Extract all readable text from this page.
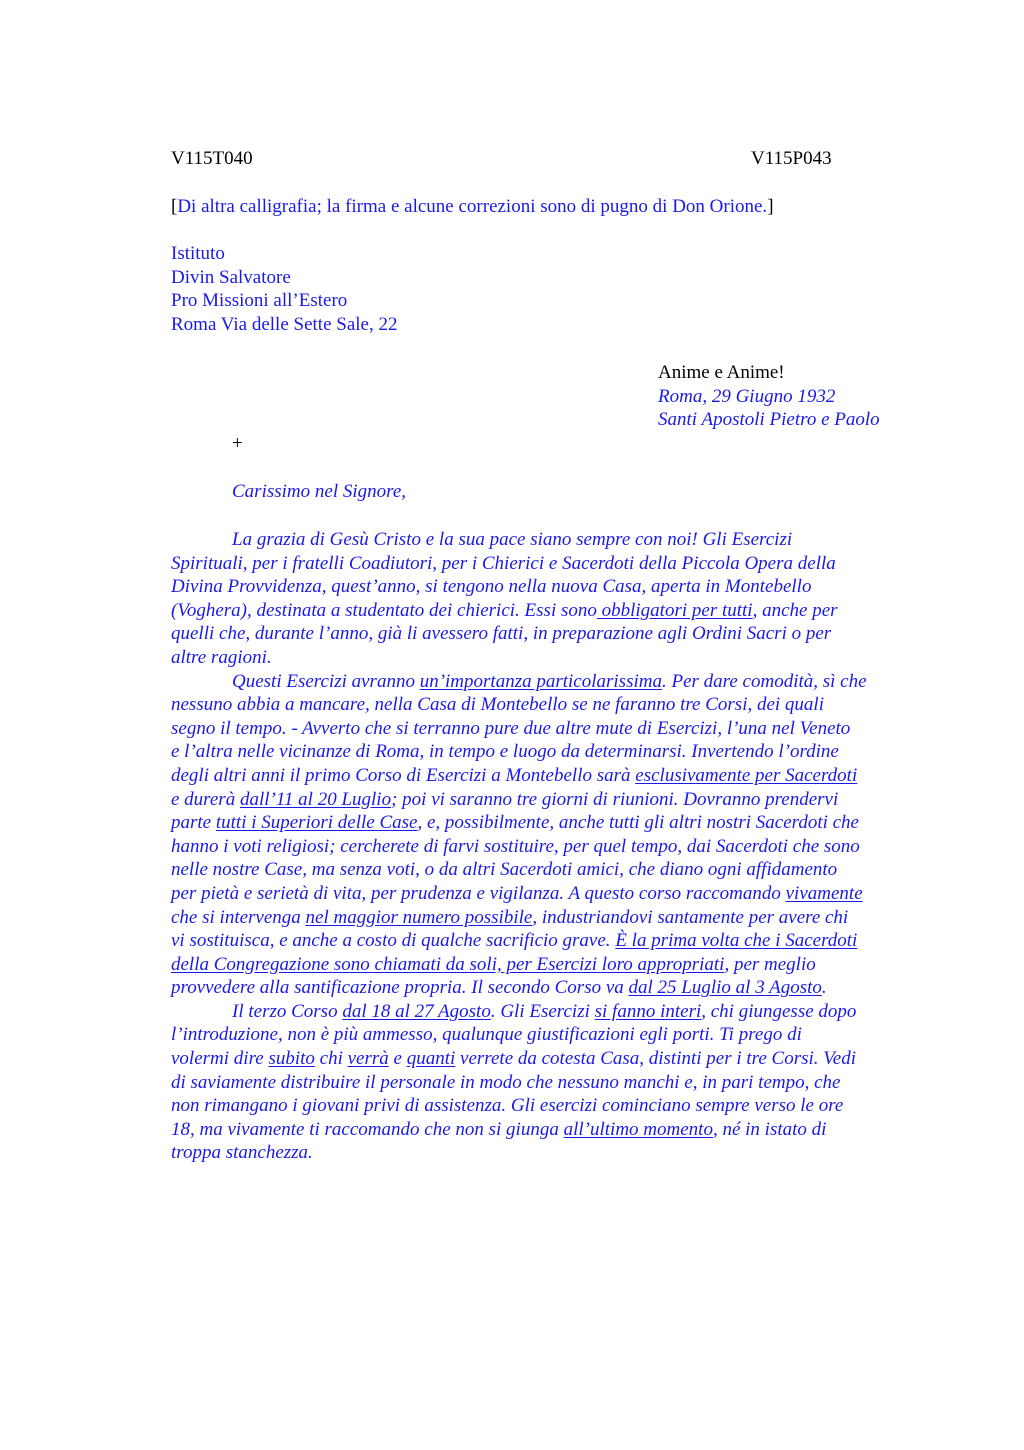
V115T040	V115P043
[Di altra calligrafia; la firma e alcune correzioni sono di pugno di Don Orione.]
Istituto
Divin Salvatore
Pro Missioni all’Estero
Roma Via delle Sette Sale, 22
Anime e Anime!
Roma, 29 Giugno 1932
Santi Apostoli Pietro e Paolo
+
Carissimo nel Signore,
La grazia di Gesù Cristo e la sua pace siano sempre con noi! Gli Esercizi
Spirituali, per i fratelli Coadiutori, per i Chierici e Sacerdoti della Piccola Opera della
Divina Provvidenza, quest’anno, si tengono nella nuova Casa, aperta in Montebello
(Voghera), destinata a studentato dei chierici. Essi sono obbligatori per tutti, anche per
quelli che, durante l’anno, già li avessero fatti, in preparazione agli Ordini Sacri o per
altre ragioni.
Questi Esercizi avranno un’importanza particolarissima. Per dare comodità, sì che
nessuno abbia a mancare, nella Casa di Montebello se ne faranno tre Corsi, dei quali
segno il tempo. - Avverto che si terranno pure due altre mute di Esercizi, l’una nel Veneto
e l’altra nelle vicinanze di Roma, in tempo e luogo da determinarsi. Invertendo l’ordine
degli altri anni il primo Corso di Esercizi a Montebello sarà esclusivamente per Sacerdoti
e durerà dall’11 al 20 Luglio; poi vi saranno tre giorni di riunioni. Dovranno prendervi
parte tutti i Superiori delle Case, e, possibilmente, anche tutti gli altri nostri Sacerdoti che
hanno i voti religiosi; cercherete di farvi sostituire, per quel tempo, dai Sacerdoti che sono
nelle nostre Case, ma senza voti, o da altri Sacerdoti amici, che diano ogni affidamento
per pietà e serietà di vita, per prudenza e vigilanza. A questo corso raccomando vivamente
che si intervenga nel maggior numero possibile, industriandovi santamente per avere chi
vi sostituisca, e anche a costo di qualche sacrificio grave. È la prima volta che i Sacerdoti
della Congregazione sono chiamati da soli, per Esercizi loro appropriati, per meglio
provvedere alla santificazione propria. Il secondo Corso va dal 25 Luglio al 3 Agosto.
Il terzo Corso dal 18 al 27 Agosto. Gli Esercizi si fanno interi, chi giungesse dopo
l’introduzione, non è più ammesso, qualunque giustificazioni egli porti. Ti prego di
volermi dire subito chi verrà e quanti verrete da cotesta Casa, distinti per i tre Corsi. Vedi
di saviamente distribuire il personale in modo che nessuno manchi e, in pari tempo, che
non rimangano i giovani privi di assistenza. Gli esercizi cominciano sempre verso le ore
18, ma vivamente ti raccomando che non si giunga all’ultimo momento, né in istato di
troppa stanchezza.
